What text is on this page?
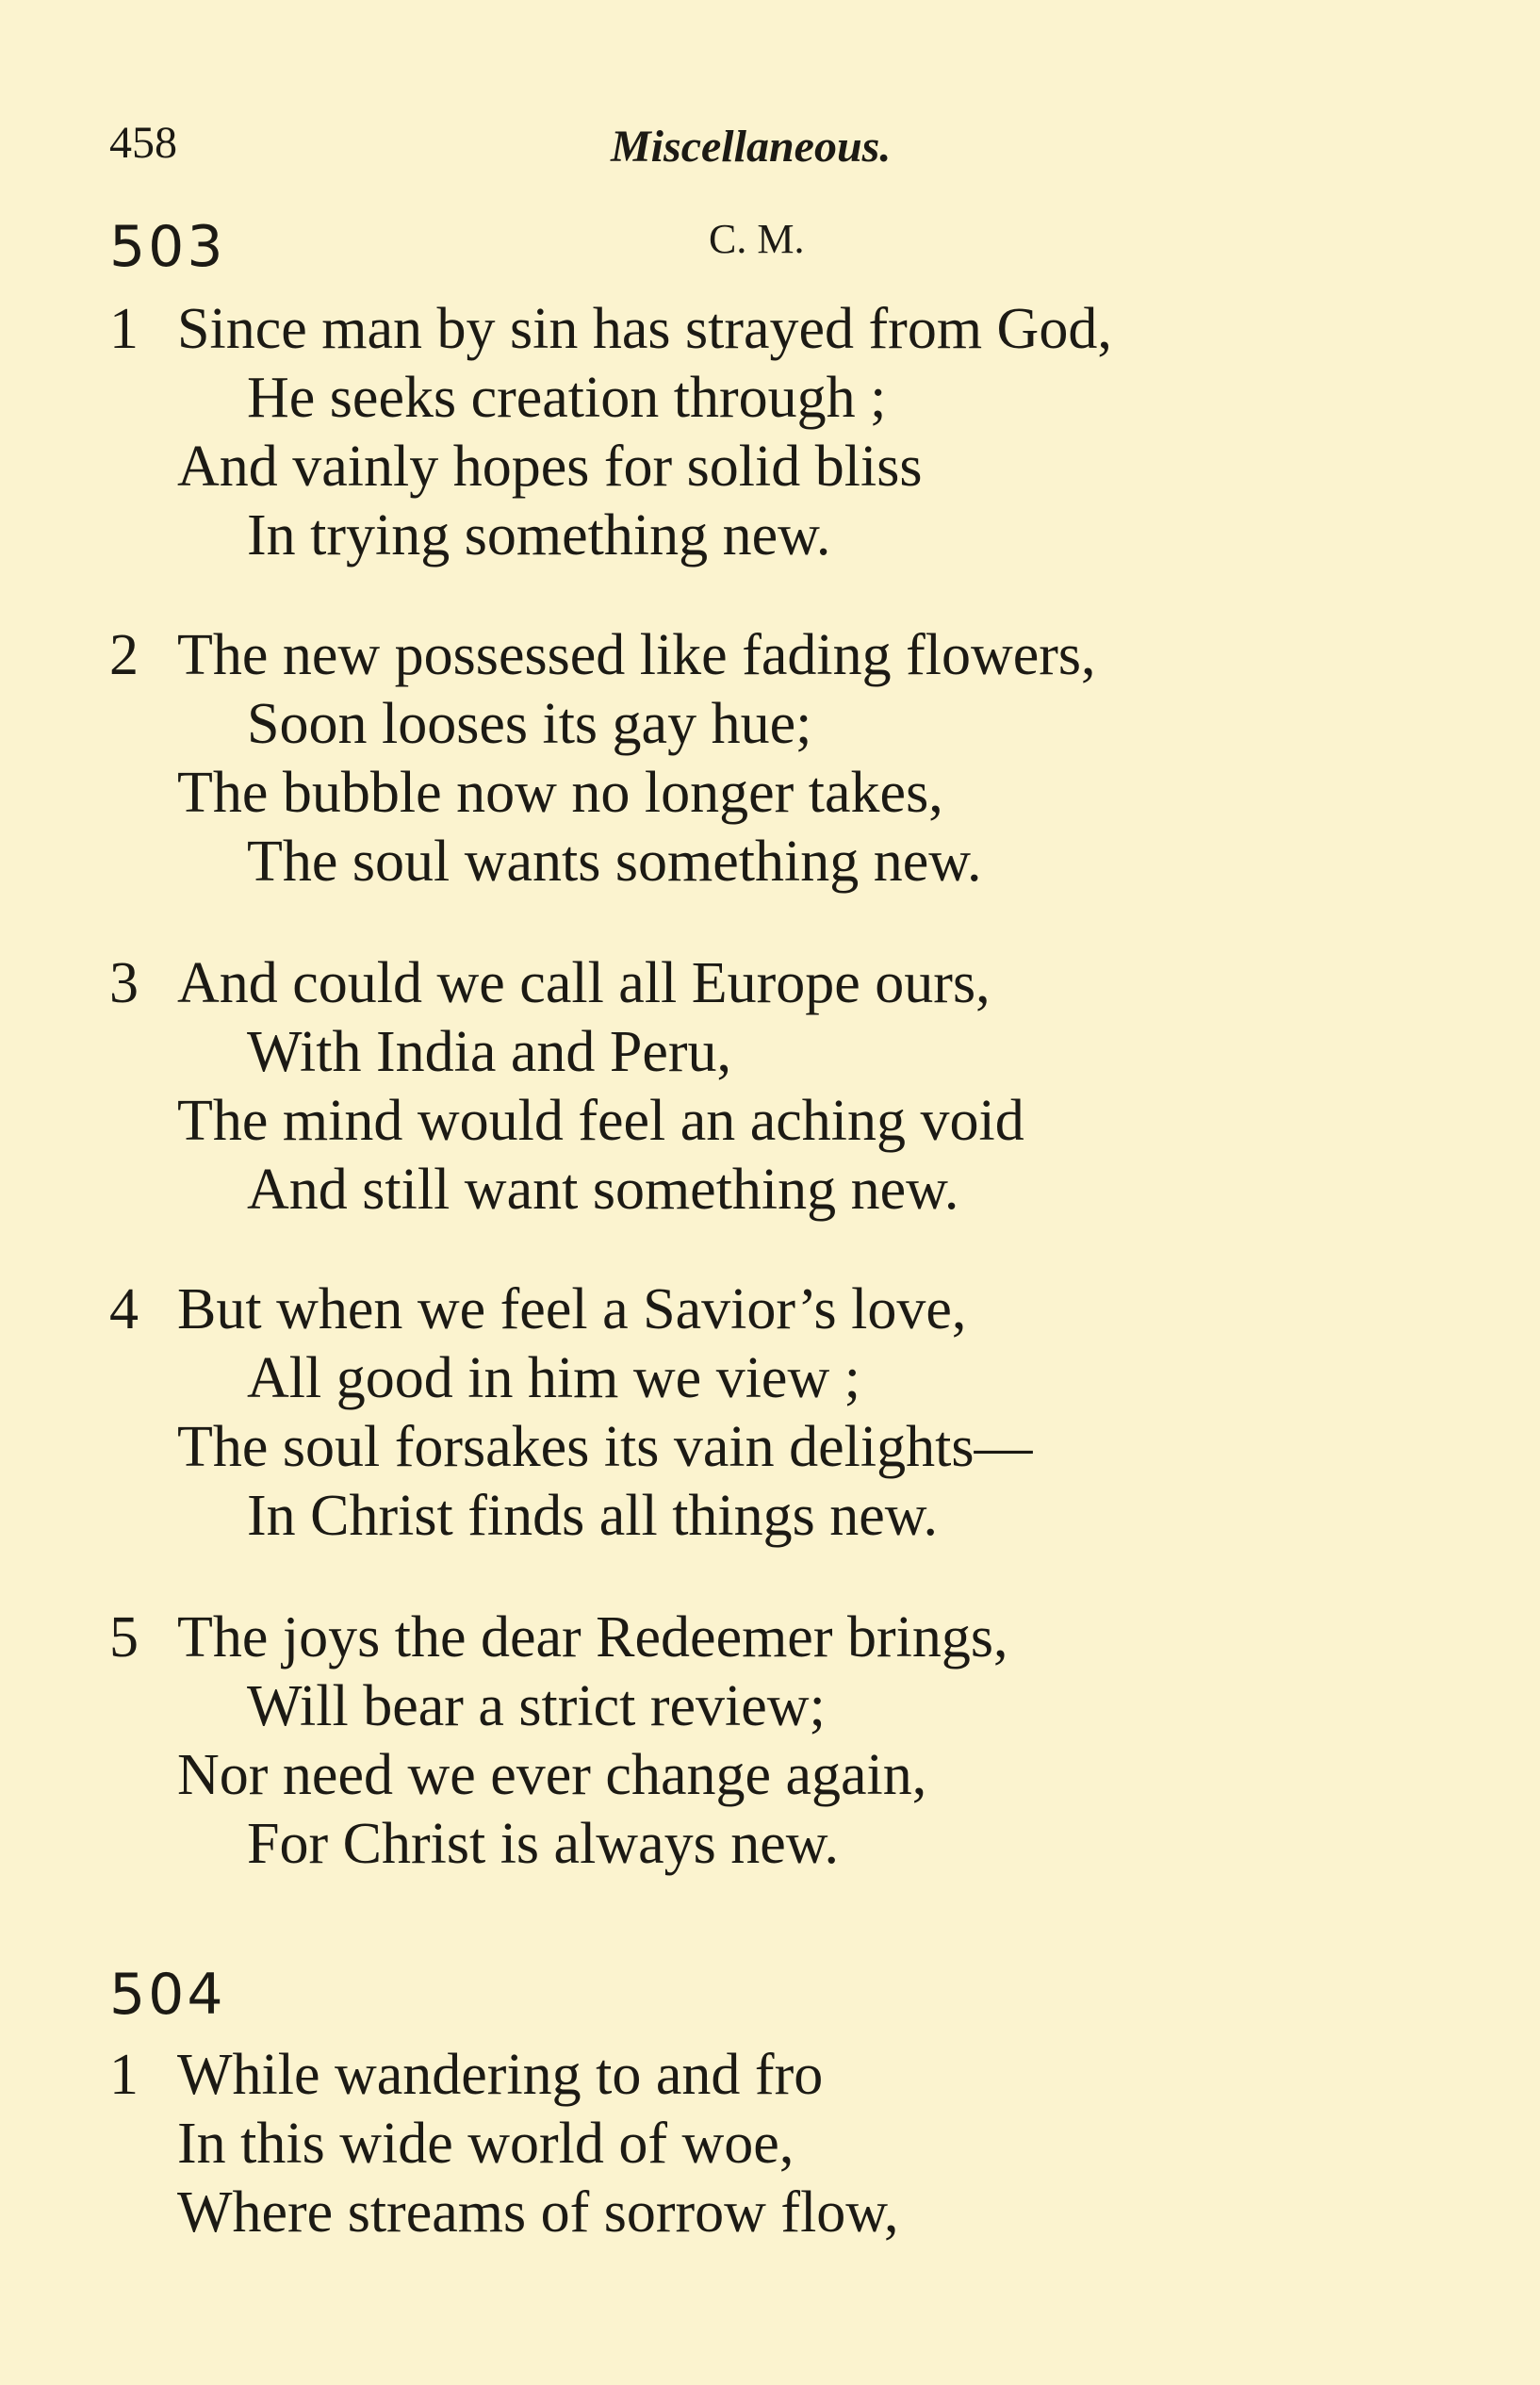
458	Miscellaneous.
503	C. M.
1 Since man by sin has strayed from God,
He seeks creation through ;
And vainly hopes for solid bliss
In trying something new.
2 The new possessed like fading flowers,
Soon looses its gay hue;
The bubble now no longer takes,
The soul wants something new.
3 And could we call all Europe ours,
With India and Peru,
The mind would feel an aching void
And still want something new.
4 But when we feel a Savior’s love,
All good in him we view ;
The soul forsakes its vain delights—
In Christ finds all things new.
5 The joys the dear Redeemer brings,
Will bear a strict review;
Nor need we ever change again,
For Christ is always new.
504
1 While wandering to and fro
In this wide world of woe,
Where streams of sorrow flow,
